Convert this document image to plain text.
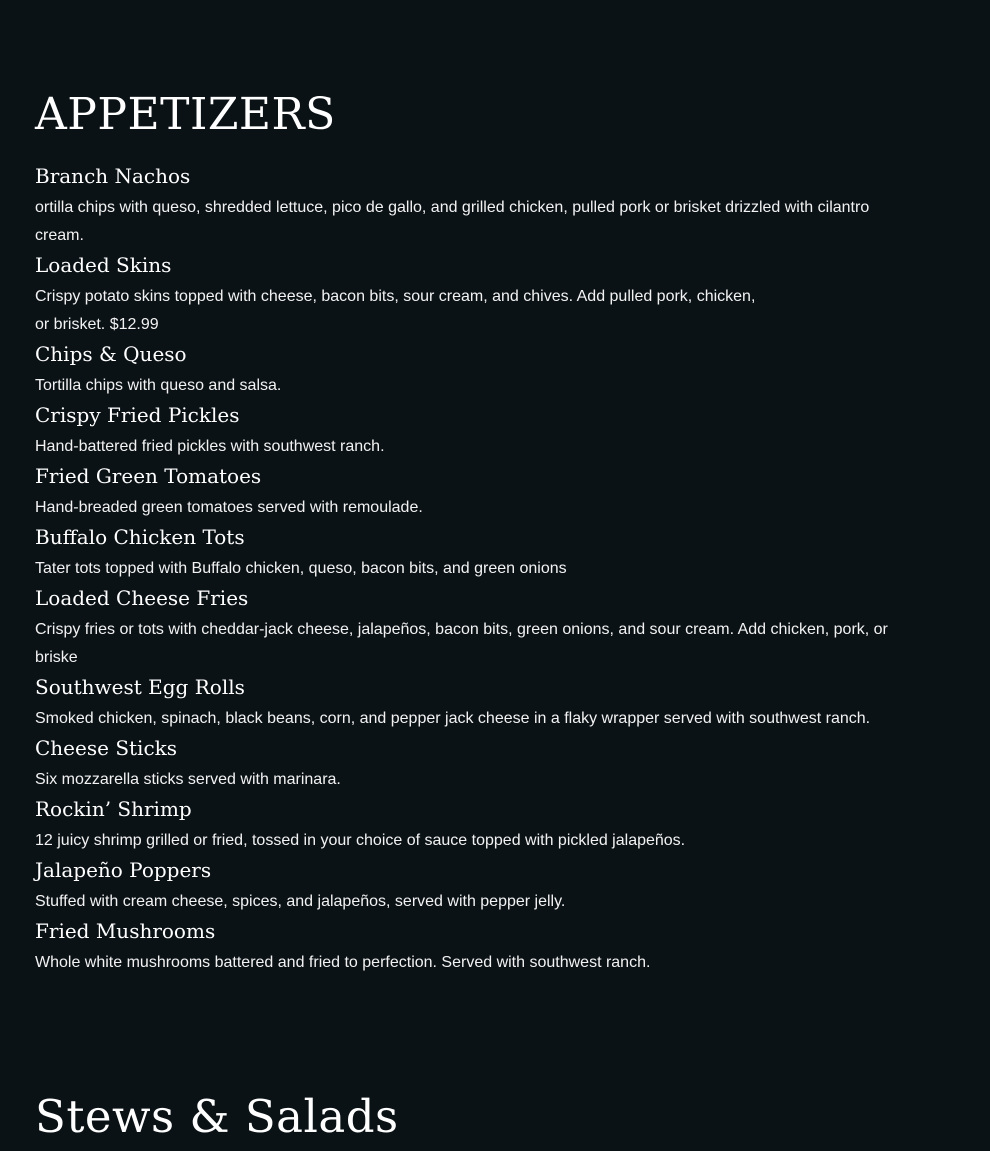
APPETIZERS
Branch Nachos

ortilla chips with queso, shredded lettuce, pico de gallo, and grilled chicken, pulled pork or brisket drizzled with cilantro cream.

Loaded Skins

Crispy potato skins topped with cheese, bacon bits, sour cream, and chives. Add pulled pork, chicken, or brisket. $12.99

Chips & Queso

Tortilla chips with queso and salsa.

Crispy Fried Pickles

Hand-battered fried pickles with southwest ranch.

Fried Green Tomatoes

Hand-breaded green tomatoes served with remoulade.

Buffalo Chicken Tots

Tater tots topped with Buffalo chicken, queso, bacon bits, and green onions

Loaded Cheese Fries

Crispy fries or tots with cheddar-jack cheese, jalapeños, bacon bits, green onions, and sour cream. Add chicken, pork, or briske

Southwest Egg Rolls

Smoked chicken, spinach, black beans, corn, and pepper jack cheese in a flaky wrapper served with southwest ranch.

Cheese Sticks

Six mozzarella sticks served with marinara.

Rockin’ Shrimp

12 juicy shrimp grilled or fried, tossed in your choice of sauce topped with pickled jalapeños.

Jalapeño Poppers

Stuffed with cream cheese, spices, and jalapeños, served with pepper jelly.

Fried Mushrooms

Whole white mushrooms battered and fried to perfection. Served with southwest ranch.

Stews & Salads
